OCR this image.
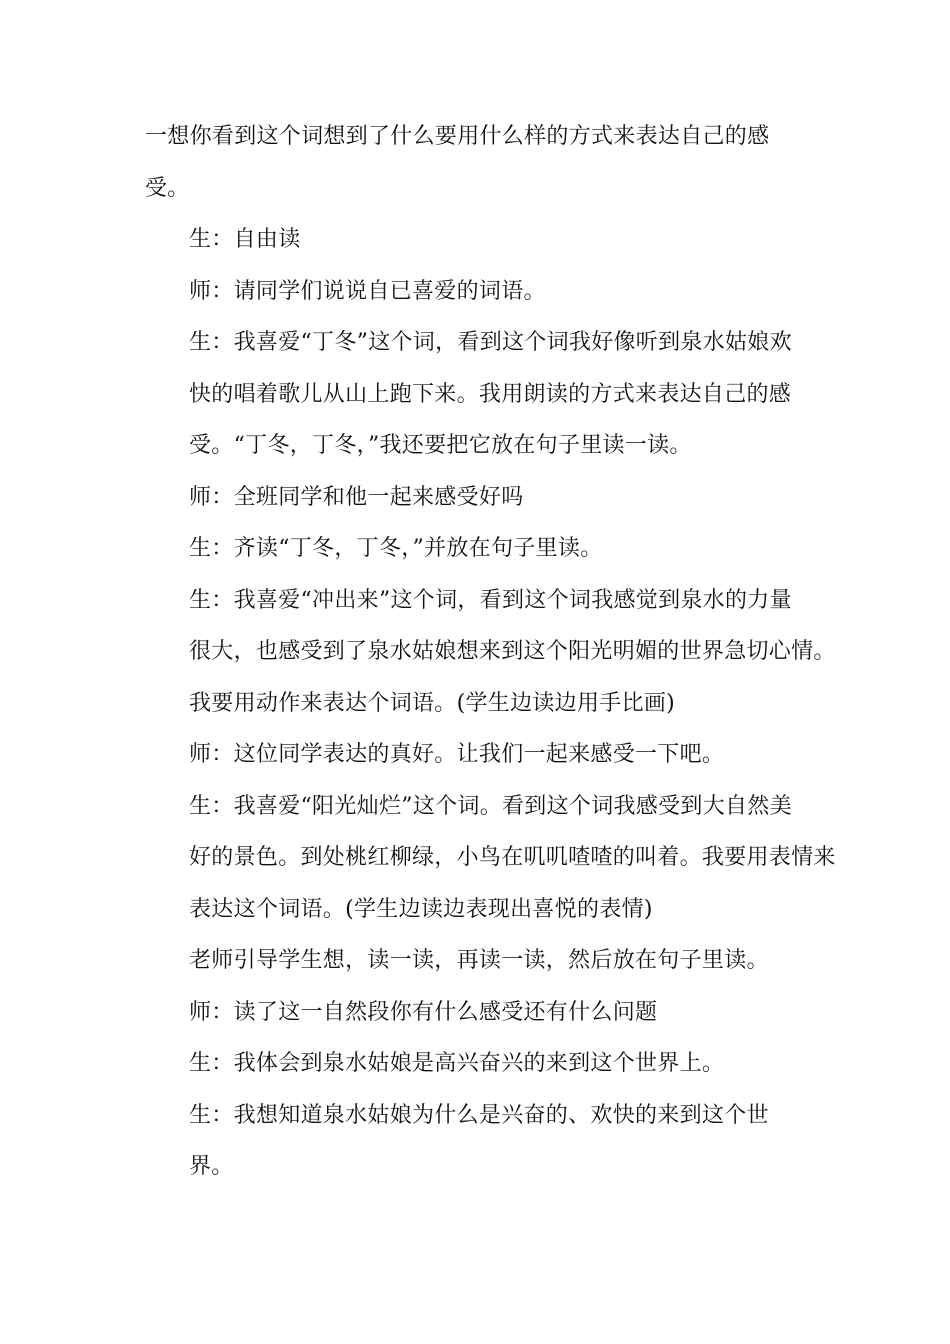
一想你看到这个词想到了什么要用什么样的方式来表达自己的感
受。

生：自由读

师：请同学们说说自已喜爱的词语。

生：我喜爱“丁冬”这个词，看到这个词我好像听到泉水姑娘欢
快的唱着歌儿从山上跑下来。我用朗读的方式来表达自己的感
受。“丁冬，丁冬，”我还要把它放在句子里读一读。

师：全班同学和他一起来感受好吗

生：齐读“丁冬，丁冬，”并放在句子里读。

生：我喜爱“冲出来”这个词，看到这个词我感觉到泉水的力量
很大，也感受到了泉水姑娘想来到这个阳光明媚的世界急切心情。
我要用动作来表达个词语。(学生边读边用手比画)

师：这位同学表达的真好。让我们一起来感受一下吧。

生：我喜爱“阳光灿烂”这个词。看到这个词我感受到大自然美
好的景色。到处桃红柳绿，小鸟在叽叽喳喳的叫着。我要用表情来
表达这个词语。(学生边读边表现出喜悦的表情)

老师引导学生想，读一读，再读一读，然后放在句子里读。

师：读了这一自然段你有什么感受还有什么问题

生：我体会到泉水姑娘是高兴奋兴的来到这个世界上。

生：我想知道泉水姑娘为什么是兴奋的、欢快的来到这个世
界。
